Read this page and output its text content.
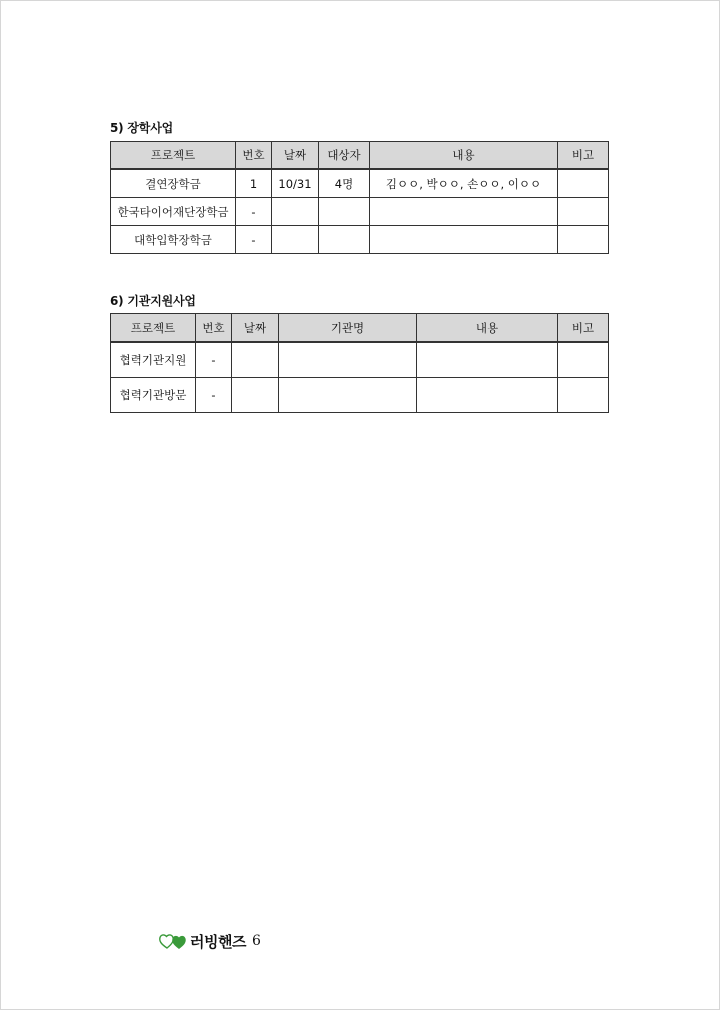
5) 장학사업
프로젝트	번호	날짜	대상자	내용	비고
결연장학금	1	10/31	4명	김ㅇㅇ, 박ㅇㅇ, 손ㅇㅇ, 이ㅇㅇ	
한국타이어재단장학금	-				
대학입학장학금	-				
6) 기관지원사업
프로젝트	번호	날짜	기관명	내용	비고
협력기관지원	-				
협력기관방문	-				
러빙핸즈 6
